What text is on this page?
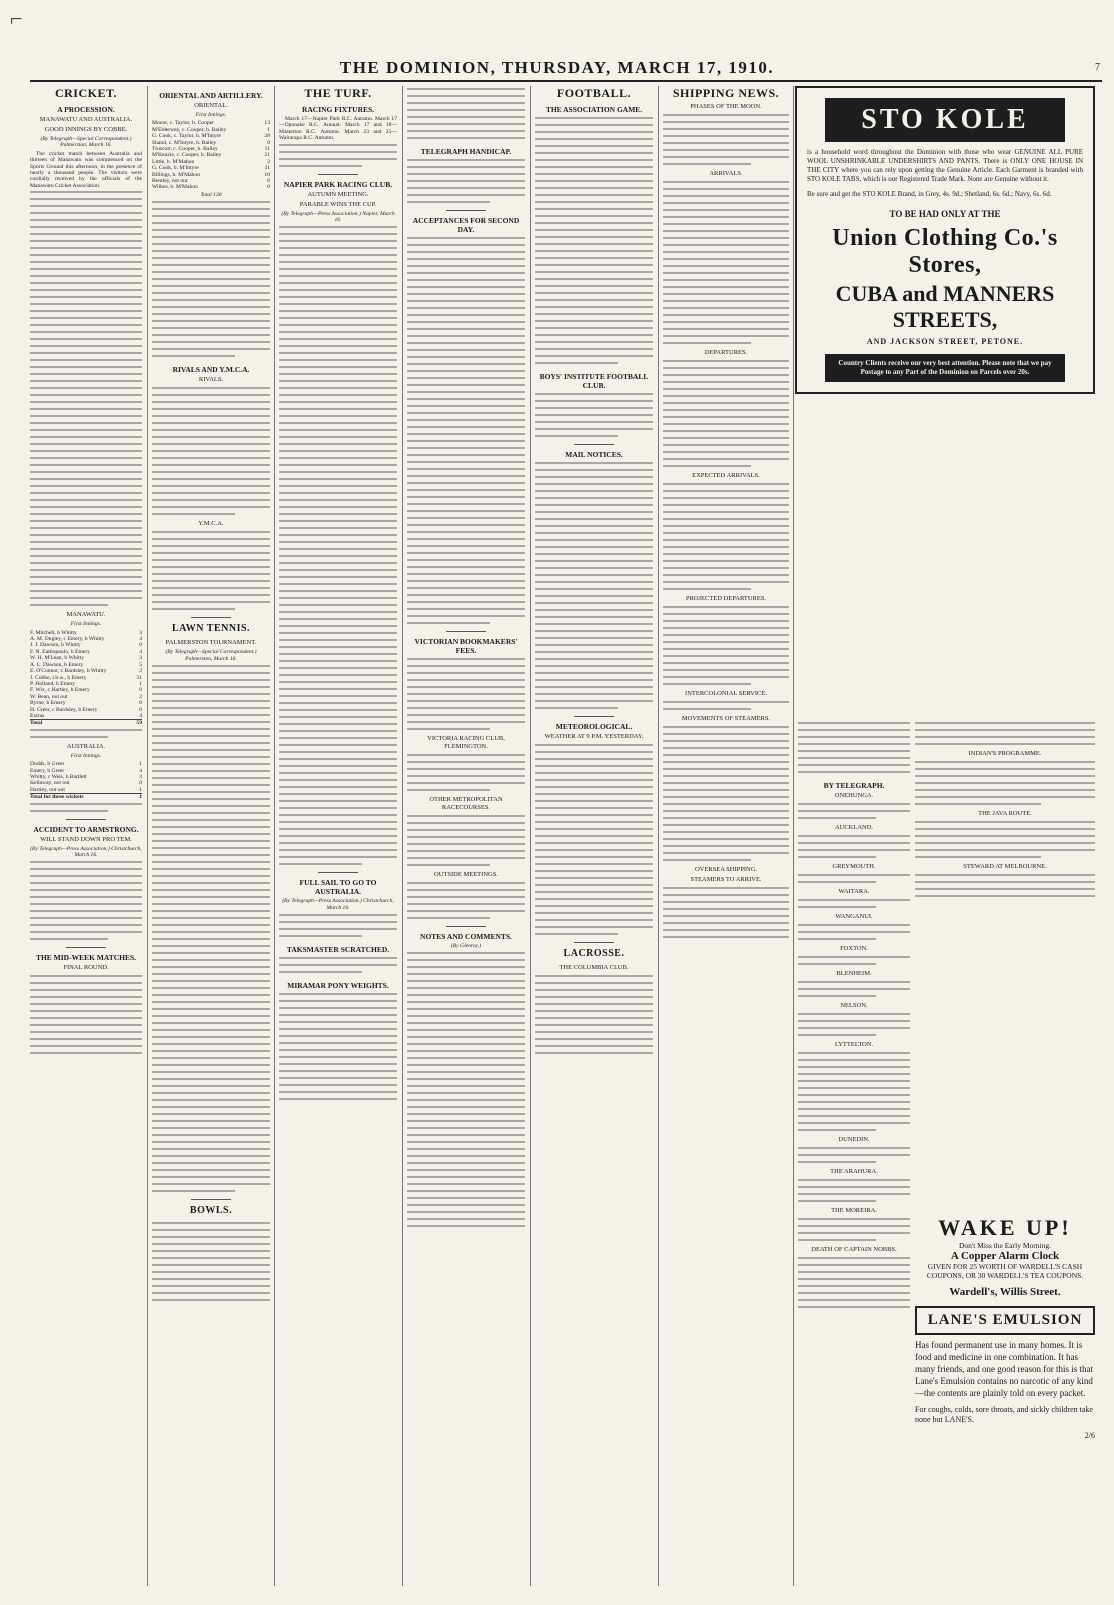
⌐
THE DOMINION, THURSDAY, MARCH 17, 1910.	7
CRICKET.
A PROCESSION.
MANAWATU AND AUSTRALIA.
GOOD INNINGS BY COBBE.
(By Telegraph—Special Correspondent.) Palmerston, March 16.

The cricket match between Australia and thirteen of Manawatu was commenced on the Sports Ground this afternoon, in the presence of nearly a thousand people. The visitors were cordially received by the officials of the Manawatu Cricket Association.

MANAWATU.
First Innings.
F. Mitchell, b Whitty	3
A. M. Ongley, c Emery, b Whitty	4
J. J. Dawson, b Whitty	0
F. N. Eathopoulo, b Emery	4
W. H. M'Lean, b Whitty	3
A. L. Dawson, b Emery	5
E. O'Connor, c Bardsley, b Whitty	2
J. Cobbe, l.b.w., b Emery	31
P. Holland, b Emery	1
F. Wix, c Hartley, b Emery	0
W. Bean, not out	2
Byrne, b Emery	0
H. Greer, c Bardsley, b Emery	0
Extras	4
Total	59
AUSTRALIA.
First Innings.
Dodds, b Greer	1
Emery, b Greer	4
Whitty, c Wels, b Bartlett	3
Kellaway, not out	0
Hartley, not out	1
Total for three wickets	1
ACCIDENT TO ARMSTRONG.
WILL STAND DOWN PRO TEM.
(By Telegraph—Press Association.) Christchurch, March 16.
THE MID-WEEK MATCHES.
FINAL ROUND.
ORIENTAL AND ARTILLERY.
ORIENTAL.
First Innings.
Moore, c. Taylor, b. Cooper	13
M'Elderwey, c. Cooper, b. Bailey	1
G. Cook, c. Taylor, b. M'Intyre	28
Shand, c. M'Intyre, b. Bailey	0
Truscott, c. Cooper, b. Bailey	11
M'Kenzie, c. Cooper, b. Bailey	21
Little, b. M'Mahon	2
G. Cook, b. M'Intyre	11
Billings, b. M'Mahon	10
Bentley, not out	6
Wilkes, b. M'Mahon	0
Total 130
RIVALS AND Y.M.C.A.
RIVALS.
Y.M.C.A.
LAWN TENNIS.
PALMERSTON TOURNAMENT.
(By Telegraph—Special Correspondent.) Palmerston, March 16.
BOWLS.
THE TURF.
RACING FIXTURES.

March 17—Napier Park R.C. Autumn. March 17—Opunake R.C. Annual. March 17 and 18—Masterton R.C. Autumn. March 23 and 25—Wairarapa R.C. Autumn.

NAPIER PARK RACING CLUB.
AUTUMN MEETING.
PARABLE WINS THE CUP.
(By Telegraph—Press Association.) Napier, March 16.
FULL SAIL TO GO TO AUSTRALIA.
(By Telegraph—Press Association.) Christchurch, March 16.
TAKSMASTER SCRATCHED.
MIRAMAR PONY WEIGHTS.
TELEGRAPH HANDICAP.
ACCEPTANCES FOR SECOND DAY.
VICTORIAN BOOKMAKERS' FEES.
VICTORIA RACING CLUB, FLEMINGTON.
OTHER METROPOLITAN RACECOURSES.
OUTSIDE MEETINGS.
NOTES AND COMMENTS.
(By Glenroy.)
FOOTBALL.
THE ASSOCIATION GAME.
BOYS' INSTITUTE FOOTBALL CLUB.
MAIL NOTICES.
METEOROLOGICAL.
WEATHER AT 9 P.M. YESTERDAY.
LACROSSE.
THE COLUMBIA CLUB.
SHIPPING NEWS.
PHASES OF THE MOON.
ARRIVALS.
DEPARTURES.
EXPECTED ARRIVALS.
PROJECTED DEPARTURES.
INTERCOLONIAL SERVICE.
MOVEMENTS OF STEAMERS.
OVERSEA SHIPPING.
STEAMERS TO ARRIVE.
STO KOLE
is a household word throughout the Dominion with those who wear GENUINE ALL PURE WOOL UNSHRINKABLE UNDERSHIRTS AND PANTS. There is ONLY ONE HOUSE IN THE CITY where you can rely upon getting the Genuine Article. Each Garment is branded with STO KOLE TABS, which is our Registered Trade Mark. None are Genuine without it.
Be sure and get the STO KOLE Brand, in Grey, 4s. 9d.; Shetland, 6s. 6d.; Navy, 6s. 6d.
TO BE HAD ONLY AT THE
Union Clothing Co.'s Stores,
CUBA and MANNERS STREETS,
AND JACKSON STREET, PETONE.
Country Clients receive our very best attention. Please note that we pay Postage to any Part of the Dominion on Parcels over 20s.
BY TELEGRAPH.
ONEHUNGA.
AUCKLAND.
GREYMOUTH.
WAITARA.
WANGANUI.
FOXTON.
BLENHEIM.
NELSON.
LYTTELTON.
DUNEDIN.
THE ARAHURA.
THE MOREIRA.
DEATH OF CAPTAIN NOBBS.
INDIAN'S PROGRAMME.
THE JAVA ROUTE.
STEWARD AT MELBOURNE.
WAKE UP!
Don't Miss the Early Morning.
A Copper Alarm Clock
GIVEN FOR 25 WORTH OF WARDELL'S CASH COUPONS, OR 30 WARDELL'S TEA COUPONS.
Wardell's, Willis Street.
LANE'S EMULSION
Has found permanent use in many homes. It is food and medicine in one combination. It has many friends, and one good reason for this is that Lane's Emulsion contains no narcotic of any kind—the contents are plainly told on every packet.
For coughs, colds, sore throats, and sickly children take none but LANE'S.
2/6
